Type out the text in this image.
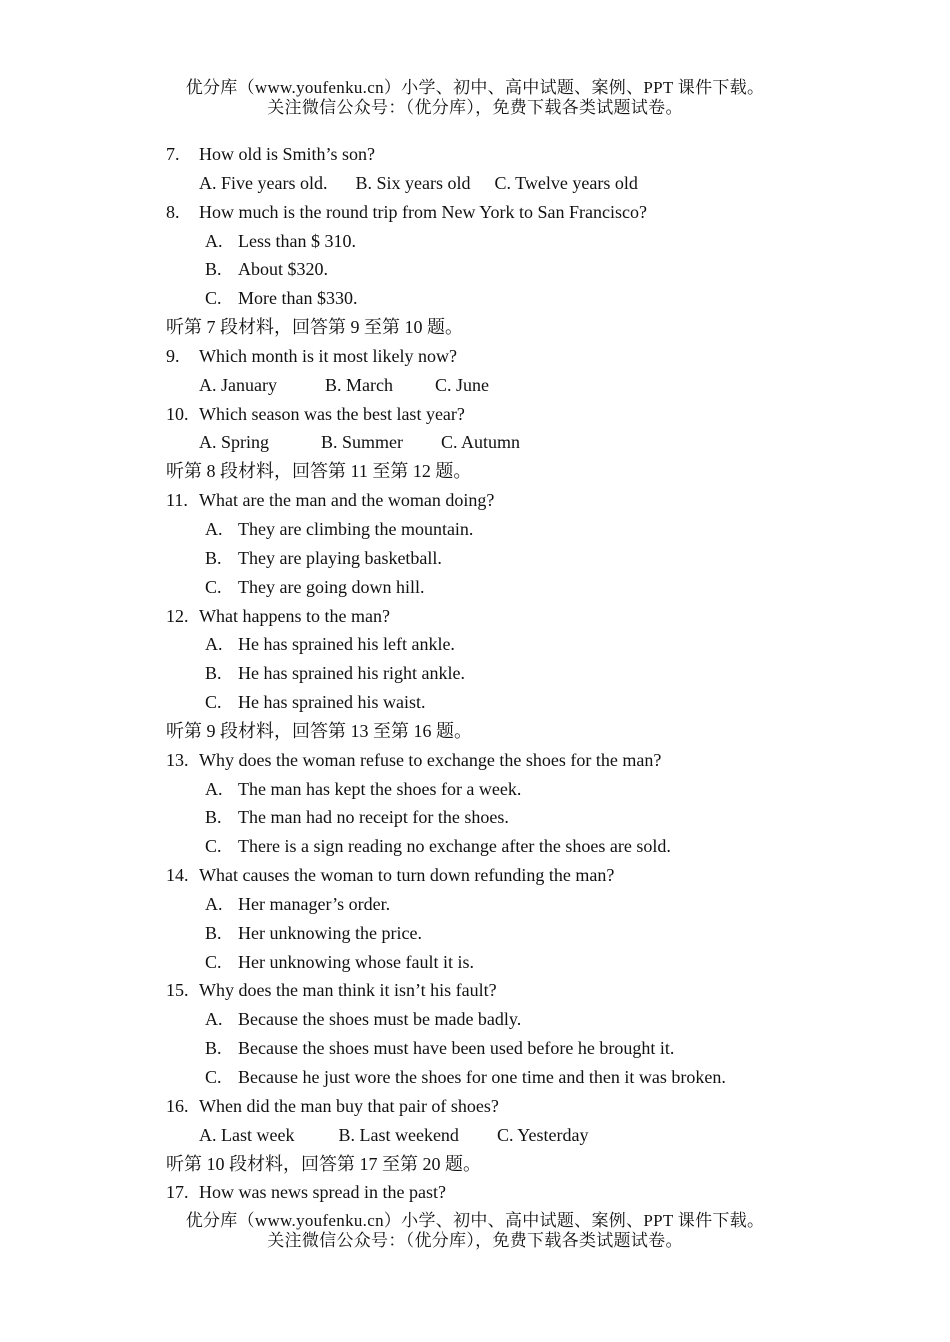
优分库（www.youfenku.cn）小学、初中、高中试题、案例、PPT 课件下载。
关注微信公众号：（优分库），免费下载各类试题试卷。
7. How old is Smith’s son?
A. Five years old. B. Six years old C. Twelve years old
8. How much is the round trip from New York to San Francisco?
A. Less than $ 310.
B. About $320.
C. More than $330.
听第 7 段材料，回答第 9 至第 10 题。
9. Which month is it most likely now?
A. January	B. March C. June
10. Which season was the best last year?
A. Spring	B. Summer C. Autumn
听第 8 段材料，回答第 11 至第 12 题。
11. What are the man and the woman doing?
A. They are climbing the mountain.
B. They are playing basketball.
C. They are going down hill.
12. What happens to the man?
A. He has sprained his left ankle.
B. He has sprained his right ankle.
C. He has sprained his waist.
听第 9 段材料，回答第 13 至第 16 题。
13. Why does the woman refuse to exchange the shoes for the man?
A. The man has kept the shoes for a week.
B. The man had no receipt for the shoes.
C. There is a sign reading no exchange after the shoes are sold.
14. What causes the woman to turn down refunding the man?
A. Her manager’s order.
B. Her unknowing the price.
C. Her unknowing whose fault it is.
15. Why does the man think it isn’t his fault?
A. Because the shoes must be made badly.
B. Because the shoes must have been used before he brought it.
C. Because he just wore the shoes for one time and then it was broken.
16. When did the man buy that pair of shoes?
A. Last week B. Last weekend C. Yesterday
听第 10 段材料，回答第 17 至第 20 题。
17. How was news spread in the past?
优分库（www.youfenku.cn）小学、初中、高中试题、案例、PPT 课件下载。
关注微信公众号：（优分库），免费下载各类试题试卷。
